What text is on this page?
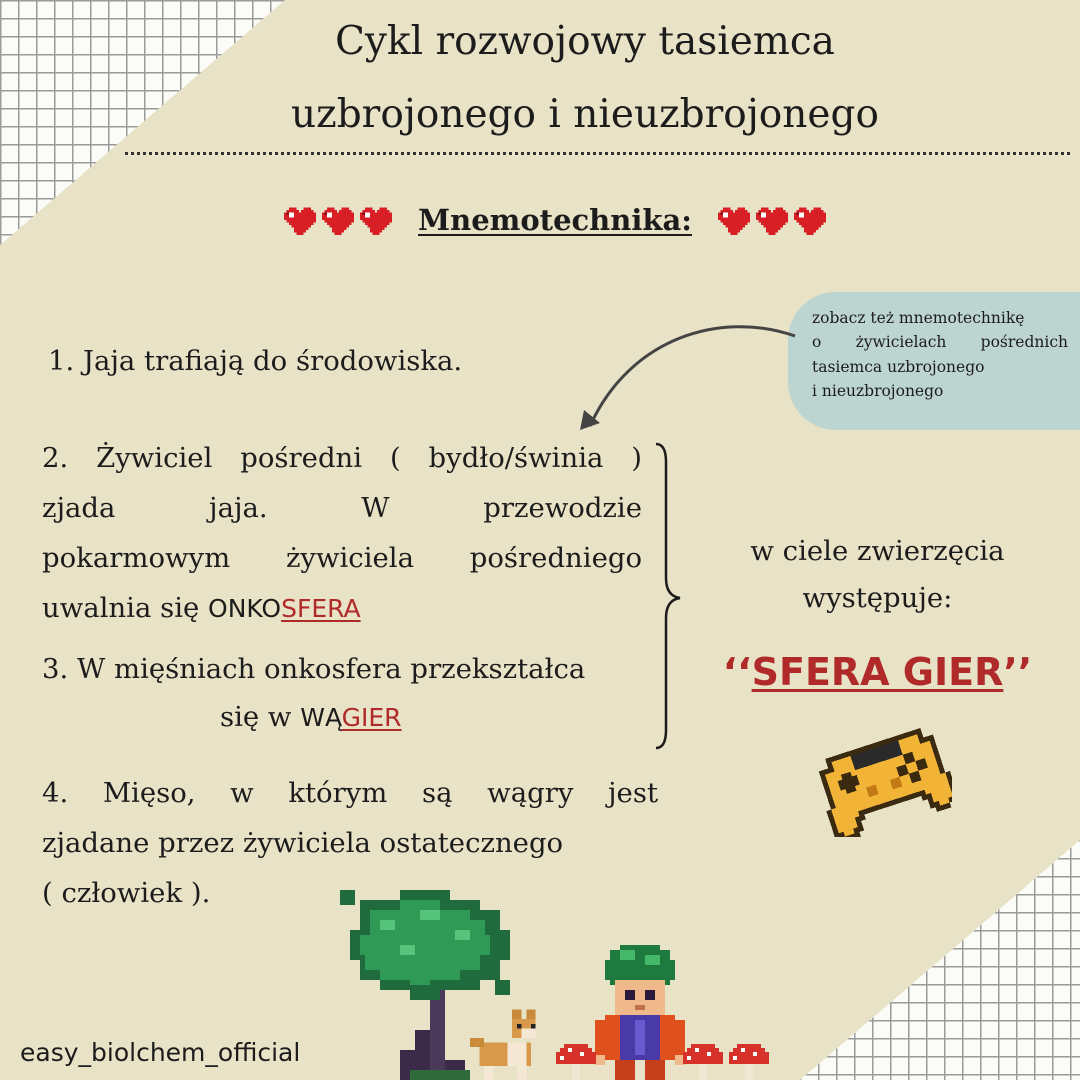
Cykl rozwojowy tasiemca
uzbrojonego i nieuzbrojonego
Mnemotechnika:
zobacz też mnemotechnikę
o żywicielach pośrednich
tasiemca uzbrojonego
i nieuzbrojonego
1. Jaja trafiają do środowiska.
2. Żywiciel pośredni ( bydło/świnia )
zjada jaja. W przewodzie
pokarmowym żywiciela pośredniego
uwalnia się ONKOSFERA
3. W mięśniach onkosfera przekształca
się w WĄGIER
4. Mięso, w którym są wągry jest
zjadane przez żywiciela ostatecznego
( człowiek ).
w ciele zwierzęcia
występuje:
‘‘SFERA GIER’’
easy_biolchem_official
